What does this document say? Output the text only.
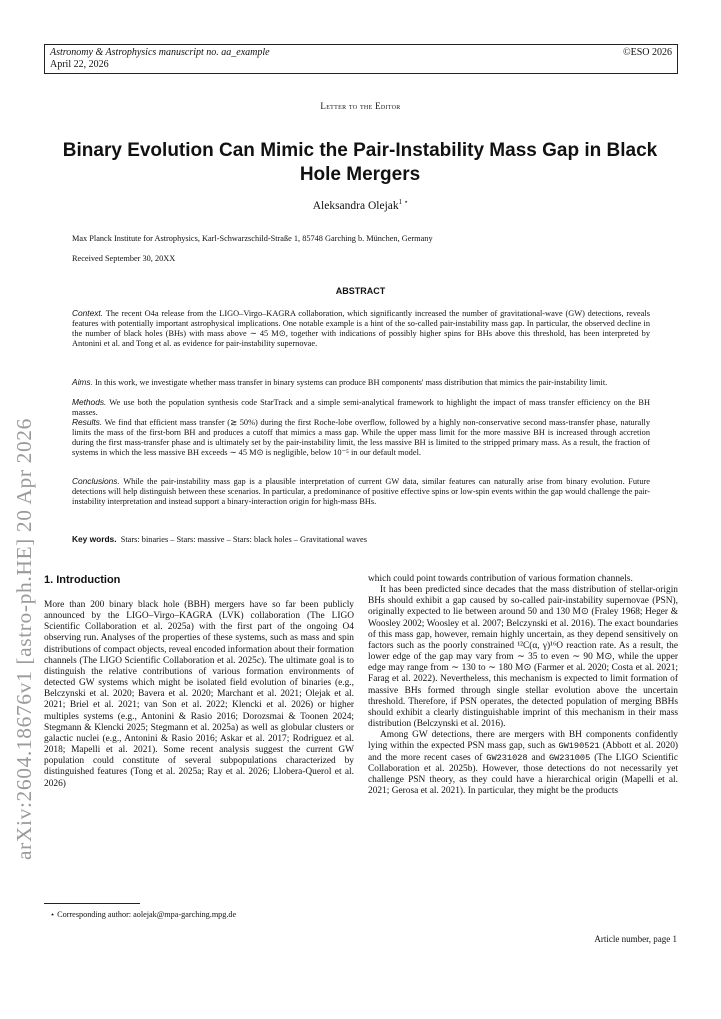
Astronomy & Astrophysics manuscript no. aa_example
April 22, 2026
©ESO 2026
Letter to the Editor
Binary Evolution Can Mimic the Pair-Instability Mass Gap in Black Hole Mergers
Aleksandra Olejak$^{1 ⋆}$
Max Planck Institute for Astrophysics, Karl-Schwarzschild-Straße 1, 85748 Garching b. München, Germany
Received September 30, 20XX
ABSTRACT

Context. The recent O4a release from the LIGO–Virgo–KAGRA collaboration, which significantly increased the number of gravitational-wave (GW) detections, reveals features with potentially important astrophysical implications. One notable example is a hint of the so-called pair-instability mass gap. In particular, the observed decline in the number of black holes (BHs) with mass above ∼ 45 M⊙, together with indications of possibly higher spins for BHs above this threshold, has been interpreted by Antonini et al. and Tong et al. as evidence for pair-instability supernovae.

Aims. In this work, we investigate whether mass transfer in binary systems can produce BH components' mass distribution that mimics the pair-instability limit.

Methods. We use both the population synthesis code StarTrack and a simple semi-analytical framework to highlight the impact of mass transfer efficiency on the BH masses.

Results. We find that efficient mass transfer (≳ 50%) during the first Roche-lobe overflow, followed by a highly non-conservative second mass-transfer phase, naturally limits the mass of the first-born BH and produces a cutoff that mimics a mass gap. While the upper mass limit for the more massive BH is increased through accretion during the first mass-transfer phase and is ultimately set by the pair-instability limit, the less massive BH is limited to the stripped primary mass. As a result, the fraction of systems in which the less massive BH exceeds ∼ 45 M⊙ is negligible, below 10⁻⁵ in our default model.

Conclusions. While the pair-instability mass gap is a plausible interpretation of current GW data, similar features can naturally arise from binary evolution. Future detections will help distinguish between these scenarios. In particular, a predominance of positive effective spins or low-spin events within the gap would challenge the pair-instability interpretation and instead support a binary-interaction origin for high-mass BHs.

Key words. Stars: binaries – Stars: massive – Stars: black holes – Gravitational waves
arXiv:2604.18676v1 [astro-ph.HE] 20 Apr 2026 1. Introduction

More than 200 binary black hole (BBH) mergers have so far been publicly announced by the LIGO–Virgo–KAGRA (LVK) collaboration (The LIGO Scientific Collaboration et al. 2025a) with the first part of the ongoing O4 observing run. Analyses of the properties of these systems, such as mass and spin distributions of compact objects, reveal encoded information about their formation channels (The LIGO Scientific Collaboration et al. 2025c). The ultimate goal is to distinguish the relative contributions of various formation environments of detected GW systems which might be isolated field evolution of binaries (e.g., Belczynski et al. 2020; Bavera et al. 2020; Marchant et al. 2021; Olejak et al. 2021; Briel et al. 2021; van Son et al. 2022; Klencki et al. 2026) or higher multiples systems (e.g., Antonini & Rasio 2016; Dorozsmai & Toonen 2024; Stegmann & Klencki 2025; Stegmann et al. 2025a) as well as globular clusters or galactic nuclei (e.g., Antonini & Rasio 2016; Askar et al. 2017; Rodriguez et al. 2018; Mapelli et al. 2021). Some recent analysis suggest the current GW population could constitute of several subpopulations characterized by distinguished features (Tong et al. 2025a; Ray et al. 2026; Llobera-Querol et al. 2026)

which could point towards contribution of various formation channels.

It has been predicted since decades that the mass distribution of stellar-origin BHs should exhibit a gap caused by so-called pair-instability supernovae (PSN), originally expected to lie between around 50 and 130 M⊙ (Fraley 1968; Heger & Woosley 2002; Woosley et al. 2007; Belczynski et al. 2016). The exact boundaries of this mass gap, however, remain highly uncertain, as they depend sensitively on factors such as the poorly constrained ¹²C(α, γ)¹⁶O reaction rate. As a result, the lower edge of the gap may vary from ∼ 35 to even ∼ 90 M⊙, while the upper edge may range from ∼ 130 to ∼ 180 M⊙ (Farmer et al. 2020; Costa et al. 2021; Farag et al. 2022). Nevertheless, this mechanism is expected to limit formation of massive BHs formed through single stellar evolution above the uncertain threshold. Therefore, if PSN operates, the detected population of merging BBHs should exhibit a clearly distinguishable imprint of this mechanism in their mass distribution (Belczynski et al. 2016).

Among GW detections, there are mergers with BH components confidently lying within the expected PSN mass gap, such as GW190521 (Abbott et al. 2020) and the more recent cases of GW231028 and GW231005 (The LIGO Scientific Collaboration et al. 2025b). However, those detections do not necessarily yet challenge PSN theory, as they could have a hierarchical origin (Mapelli et al. 2021; Gerosa et al. 2021). In particular, they might be the products

⋆ Corresponding author: aolejak@mpa-garching.mpg.de
Article number, page 1
